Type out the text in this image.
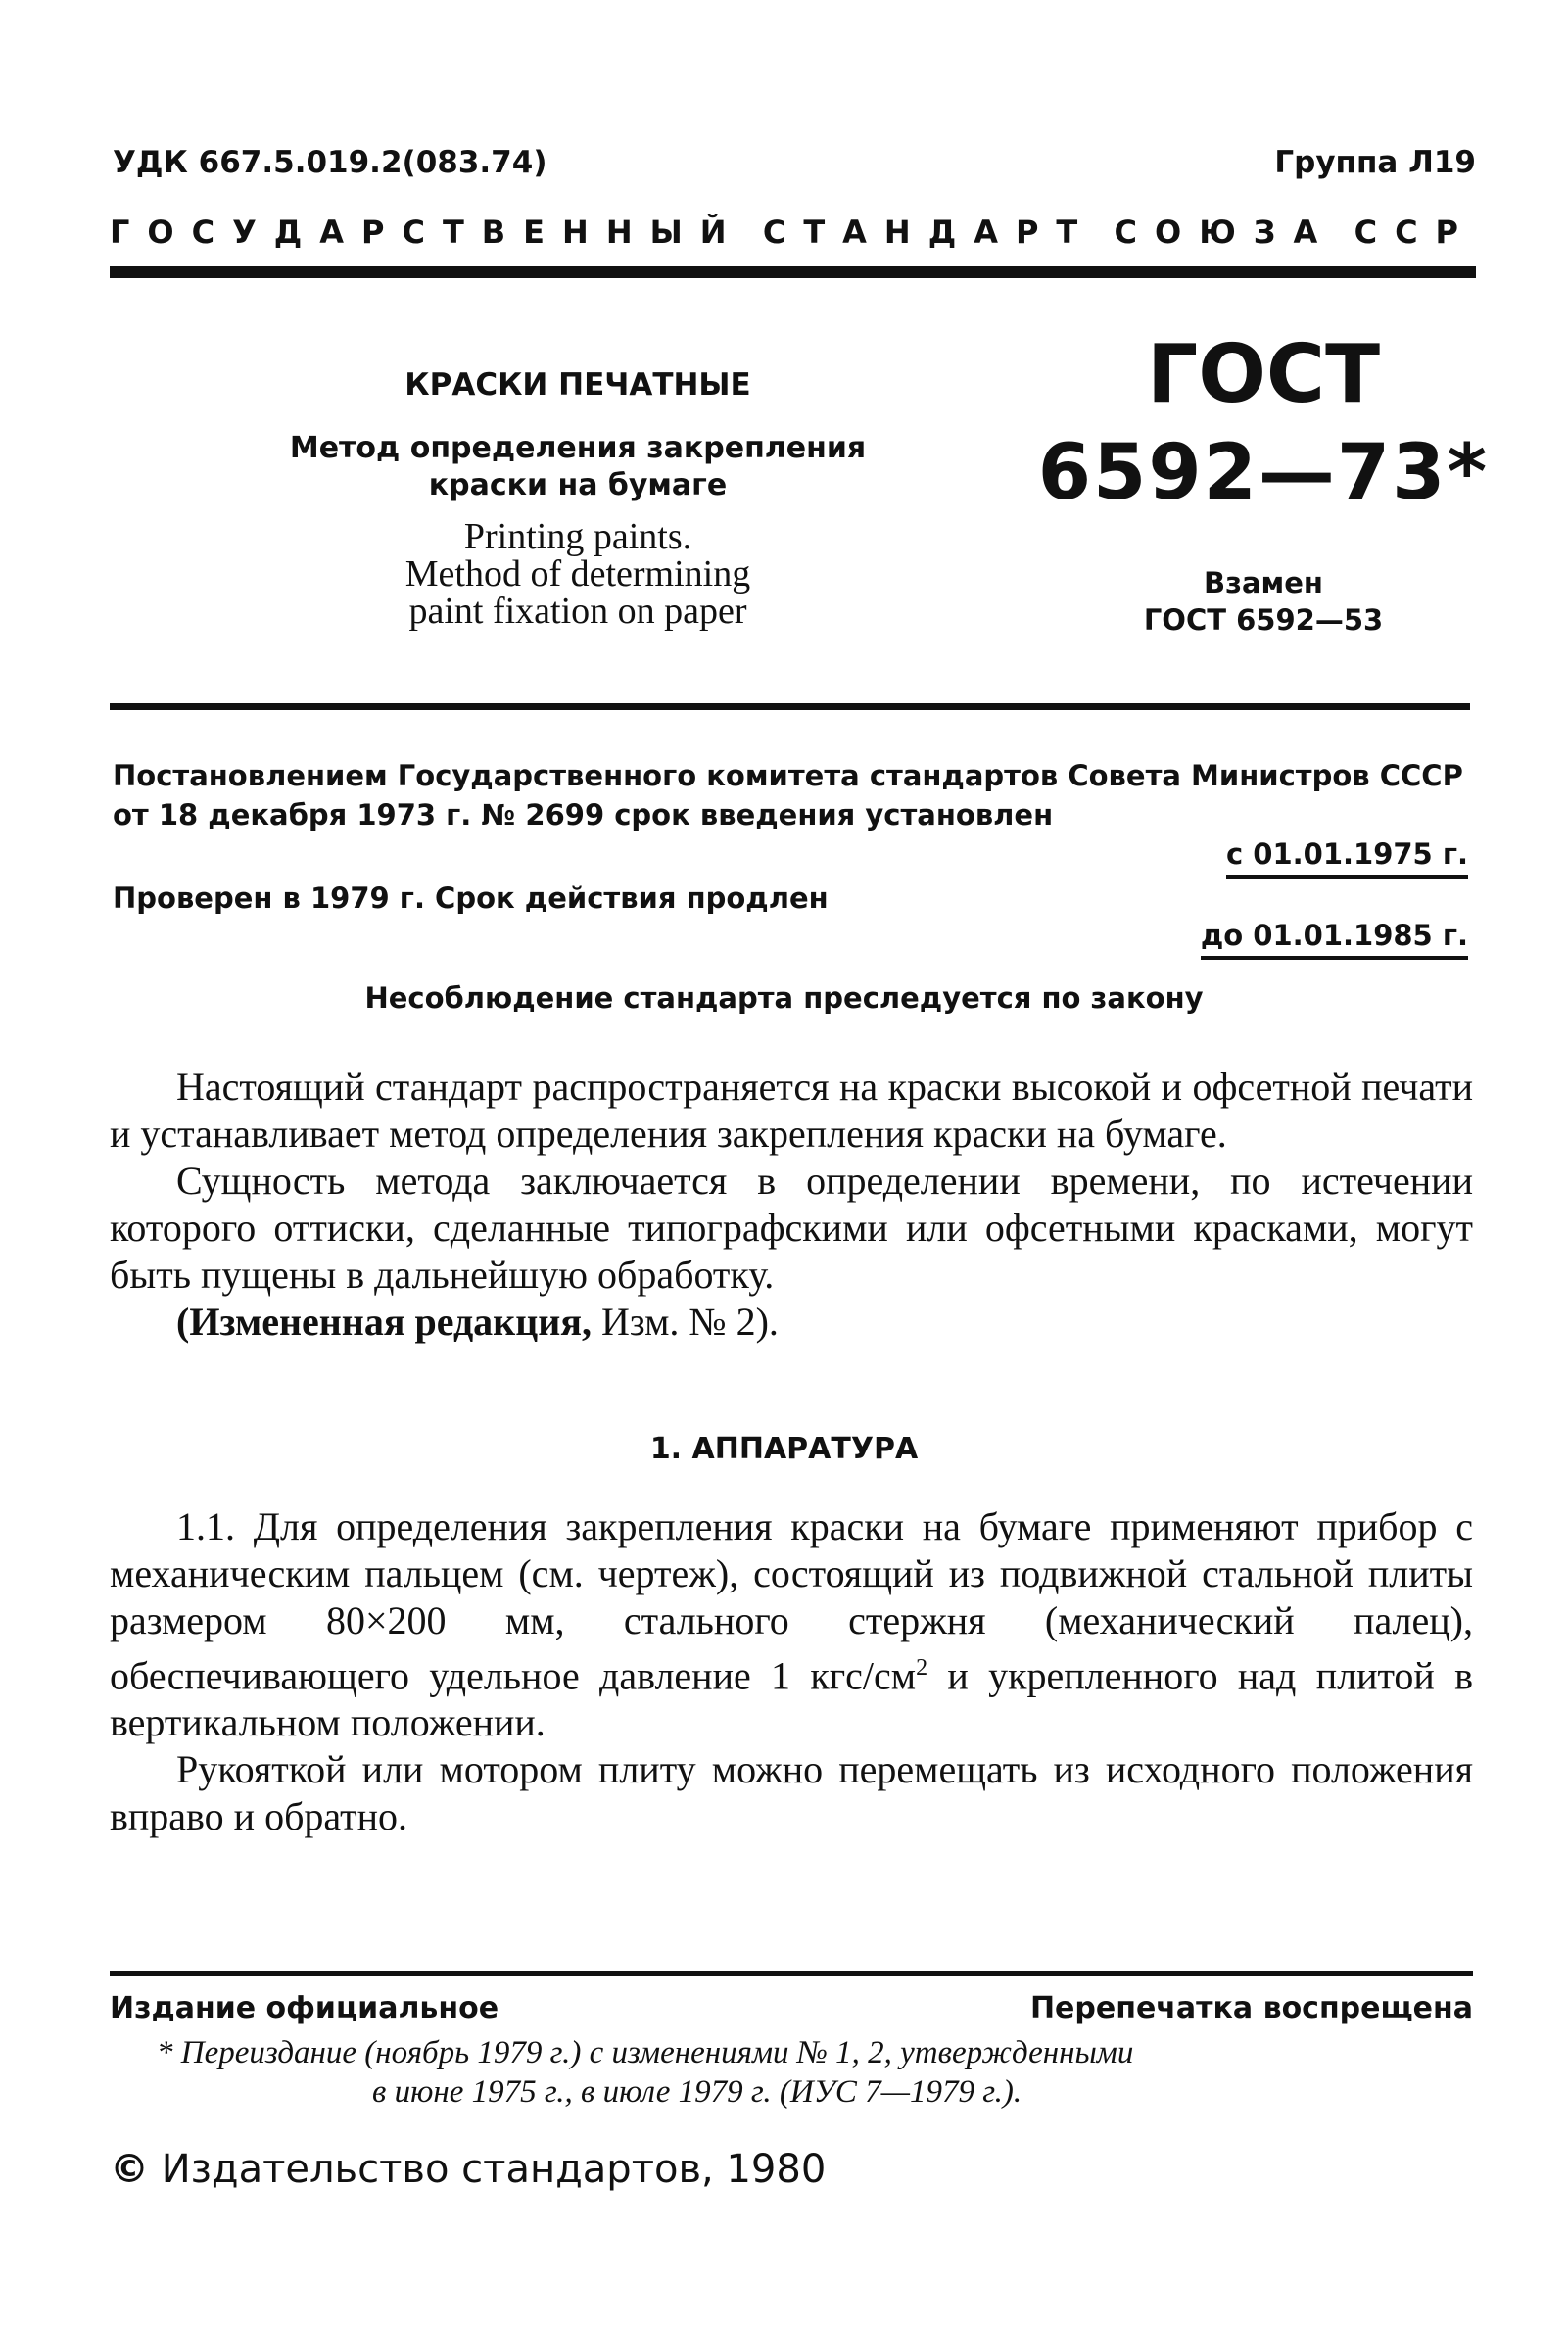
УДК 667.5.019.2(083.74)	Группа Л19
ГОСУДАРСТВЕННЫЙ СТАНДАРТ СОЮЗА ССР
КРАСКИ ПЕЧАТНЫЕ
Метод определения закрепления
краски на бумаге
Printing paints.
Method of determining
paint fixation on paper
ГОСТ
6592—73*
Взамен
ГОСТ 6592—53
Постановлением Государственного комитета стандартов Совета Министров СССР
от 18 декабря 1973 г. № 2699 срок введения установлен
с 01.01.1975 г.
Проверен в 1979 г. Срок действия продлен
до 01.01.1985 г.
Несоблюдение стандарта преследуется по закону

Настоящий стандарт распространяется на краски высокой и офсетной печати и устанавливает метод определения закрепления краски на бумаге.

Сущность метода заключается в определении времени, по истечении которого оттиски, сделанные типографскими или офсетными красками, могут быть пущены в дальнейшую обработку.

(Измененная редакция, Изм. № 2).

1. АППАРАТУРА

1.1. Для определения закрепления краски на бумаге применяют прибор с механическим пальцем (см. чертеж), состоящий из подвижной стальной плиты размером 80×200 мм, стального стержня (механический палец), обеспечивающего удельное давление 1 кгс/$см^2$ и укрепленного над плитой в вертикальном положении.

Рукояткой или мотором плиту можно перемещать из исходного положения вправо и обратно.

Издание официальное	Перепечатка воспрещена
* Переиздание (ноябрь 1979 г.) с изменениями № 1, 2, утвержденными
в июне 1975 г., в июле 1979 г. (ИУС 7—1979 г.).
© Издательство стандартов, 1980
